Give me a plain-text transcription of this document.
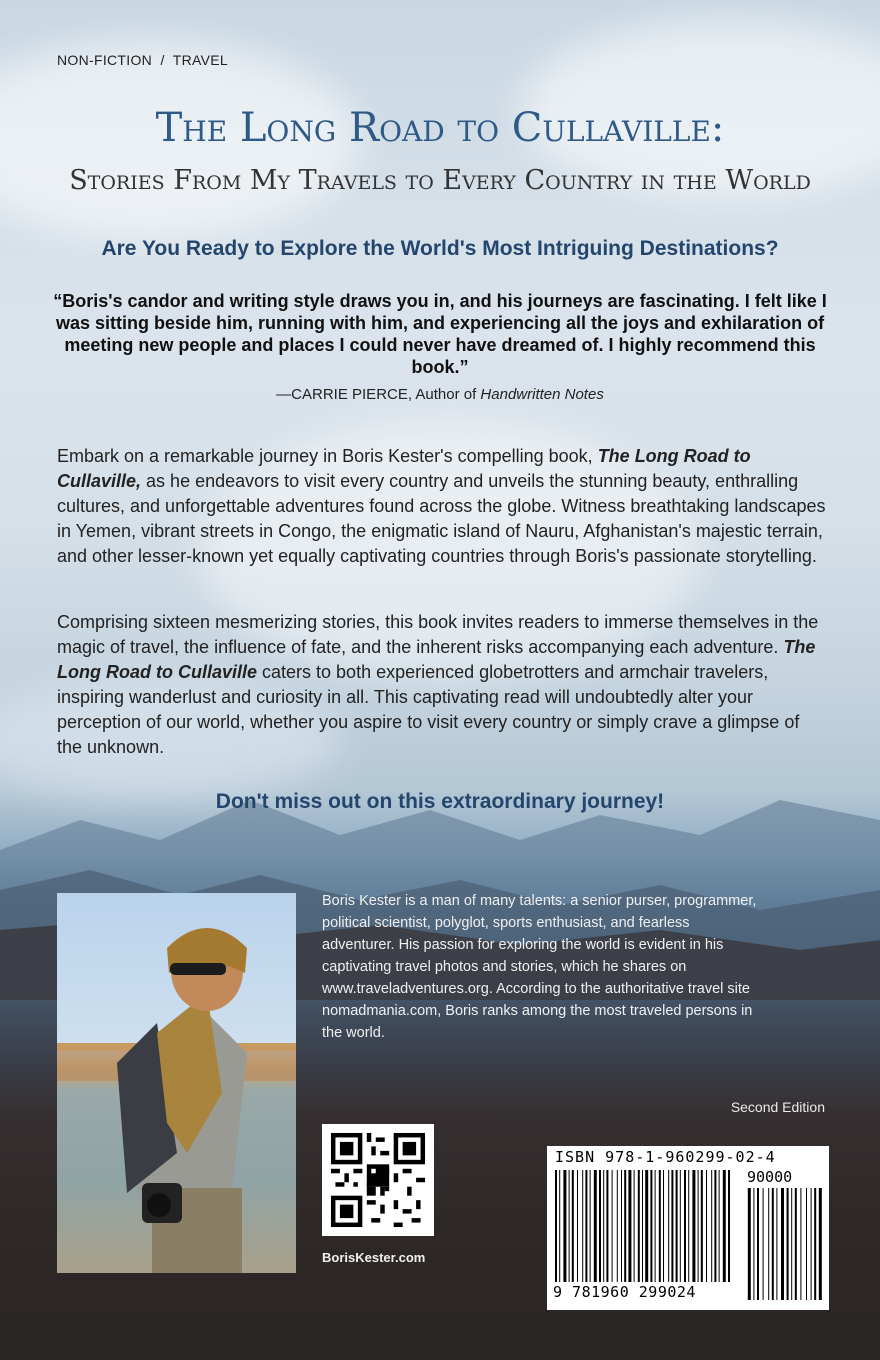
NON-FICTION  /  TRAVEL
The Long Road to Cullaville:
Stories From My Travels to Every Country in the World
Are You Ready to Explore the World's Most Intriguing Destinations?
“Boris's candor and writing style draws you in, and his journeys are fascinating. I felt like I was sitting beside him, running with him, and experiencing all the joys and exhilaration of meeting new people and places I could never have dreamed of. I highly recommend this book.”
—CARRIE PIERCE, Author of Handwritten Notes

Embark on a remarkable journey in Boris Kester's compelling book, The Long Road to Cullaville, as he endeavors to visit every country and unveils the stunning beauty, enthralling cultures, and unforgettable adventures found across the globe. Witness breathtaking landscapes in Yemen, vibrant streets in Congo, the enigmatic island of Nauru, Afghanistan's majestic terrain, and other lesser-known yet equally captivating countries through Boris's passionate storytelling.

Comprising sixteen mesmerizing stories, this book invites readers to immerse themselves in the magic of travel, the influence of fate, and the inherent risks accompanying each adventure. The Long Road to Cullaville caters to both experienced globetrotters and armchair travelers, inspiring wanderlust and curiosity in all. This captivating read will undoubtedly alter your perception of our world, whether you aspire to visit every country or simply crave a glimpse of the unknown.

Don't miss out on this extraordinary journey!

Boris Kester is a man of many talents: a senior purser, programmer, political scientist, polyglot, sports enthusiast, and fearless adventurer. His passion for exploring the world is evident in his captivating travel photos and stories, which he shares on www.traveladventures.org. According to the authoritative travel site nomadmania.com, Boris ranks among the most traveled persons in the world.

Second Edition
BorisKester.com
ISBN 978-1-960299-02-4
90000
9 781960 299024
